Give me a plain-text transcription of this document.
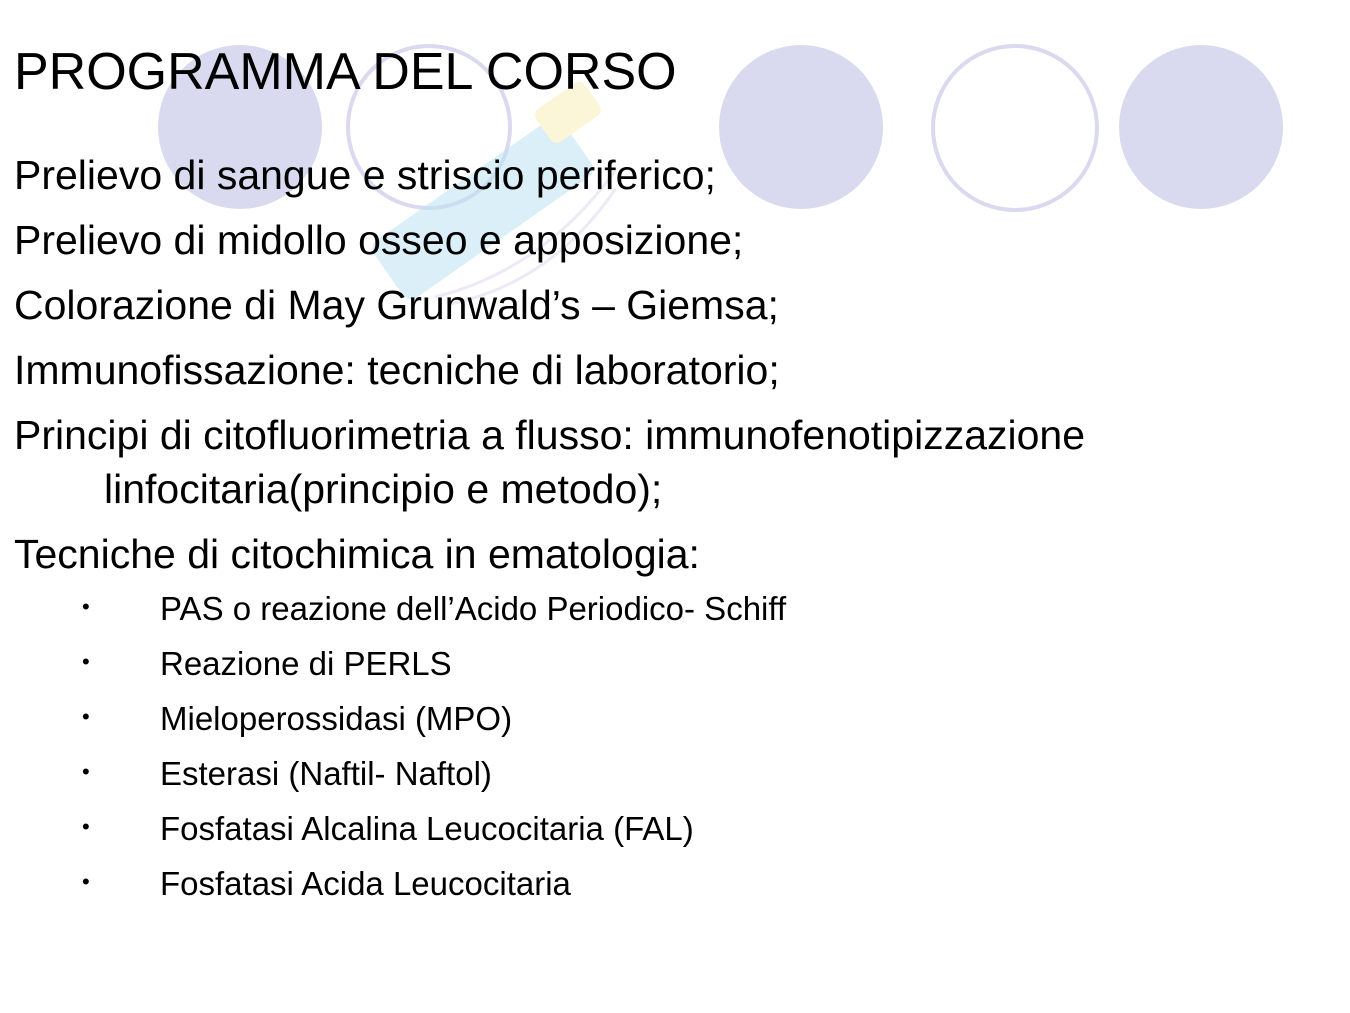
PROGRAMMA DEL CORSO

Prelievo di sangue e striscio periferico;

Prelievo di midollo osseo e apposizione;

Colorazione di May Grunwald’s – Giemsa;

Immunofissazione: tecniche di laboratorio;

Principi di citofluorimetria a flusso: immunofenotipizzazione linfocitaria(principio e metodo);

Tecniche di citochimica in ematologia:

• PAS o reazione dell’Acido Periodico- Schiff
• Reazione di PERLS
• Mieloperossidasi (MPO)
• Esterasi (Naftil- Naftol)
• Fosfatasi Alcalina Leucocitaria (FAL)
• Fosfatasi Acida Leucocitaria
